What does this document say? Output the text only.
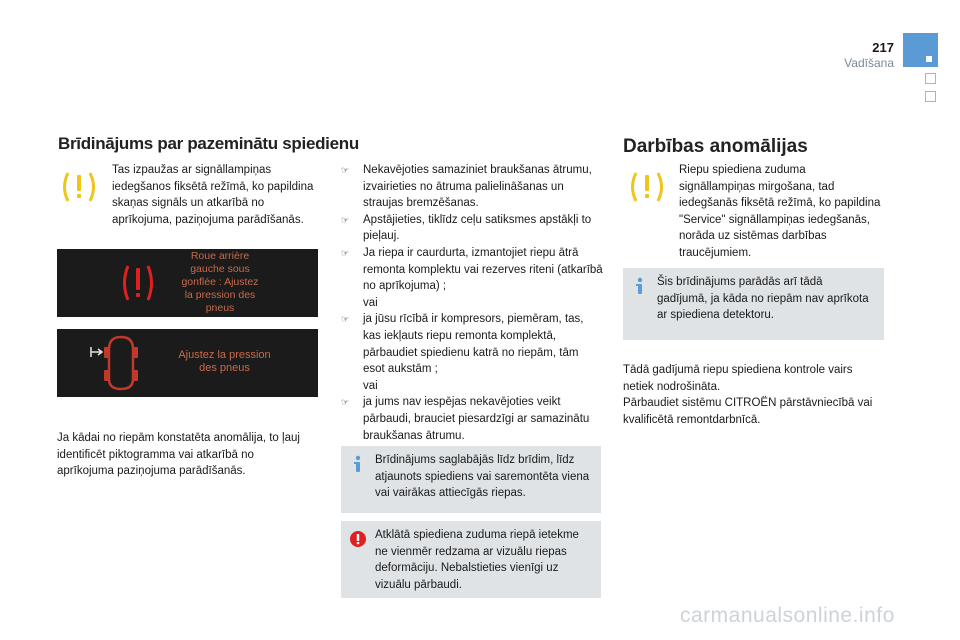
217
Vadīšana
Brīdinājums par pazeminātu spiedienu
Tas izpaužas ar signāllampiņas iedegšanos fiksētā režīmā, ko papildina skaņas signāls un atkarībā no aprīkojuma, paziņojuma parādīšanās.
Roue arrière
gauche sous
gonflée : Ajustez
la pression des
pneus
Ajustez la pression
des pneus
Ja kādai no riepām konstatēta anomālija, to ļauj identificēt piktogramma vai atkarībā no aprīkojuma paziņojuma parādīšanās.
☞ Nekavējoties samaziniet braukšanas ātrumu, izvairieties no ātruma palielināšanas un straujas bremzēšanas.
☞ Apstājieties, tiklīdz ceļu satiksmes apstākļi to pieļauj.
☞ Ja riepa ir caurdurta, izmantojiet riepu ātrā remonta komplektu vai rezerves riteni (atkarībā no aprīkojuma) ;
vai
☞ ja jūsu rīcībā ir kompresors, piemēram, tas, kas iekļauts riepu remonta komplektā, pārbaudiet spiedienu katrā no riepām, tām esot aukstām ;
vai
☞ ja jums nav iespējas nekavējoties veikt pārbaudi, brauciet piesardzīgi ar samazinātu braukšanas ātrumu.
Brīdinājums saglabājās līdz brīdim, līdz atjaunots spiediens vai saremontēta viena vai vairākas attiecīgās riepas.
Atklātā spiediena zuduma riepā ietekme ne vienmēr redzama ar vizuālu riepas deformāciju. Nebalstieties vienīgi uz vizuālu pārbaudi.
Darbības anomālijas
Riepu spiediena zuduma signāllampiņas mirgošana, tad iedegšanās fiksētā režīmā, ko papildina "Service" signāllampiņas iedegšanās, norāda uz sistēmas darbības traucējumiem.
Šis brīdinājums parādās arī tādā gadījumā, ja kāda no riepām nav aprīkota ar spiediena detektoru.
Tādā gadījumā riepu spiediena kontrole vairs netiek nodrošināta.
Pārbaudiet sistēmu CITROËN pārstāvniecībā vai kvalificētā remontdarbnīcā.
carmanualsonline.info
